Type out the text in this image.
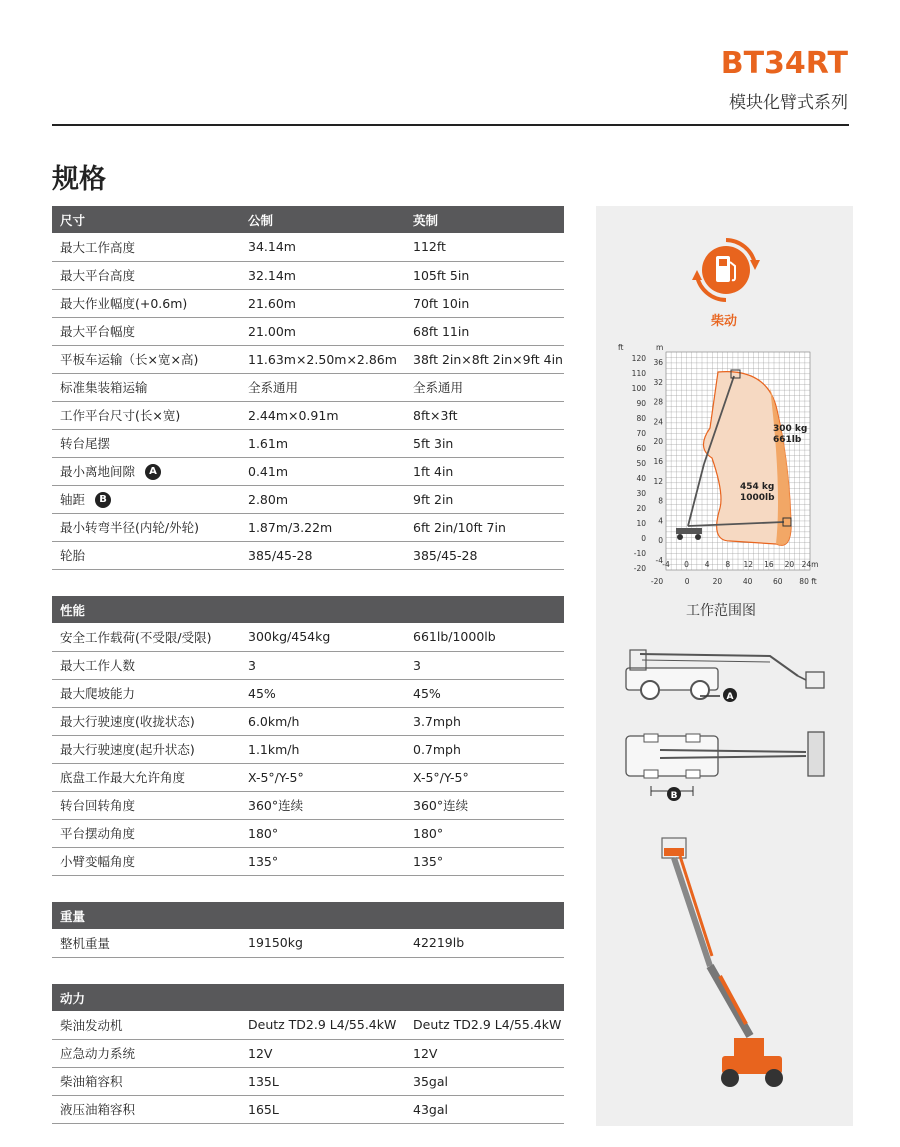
BT34RT
模块化臂式系列
规格
尺寸	公制	英制
最大工作高度	34.14m	112ft
最大平台高度	32.14m	105ft 5in
最大作业幅度(+0.6m)	21.60m	70ft 10in
最大平台幅度	21.00m	68ft 11in
平板车运输（长×宽×高)	11.63m×2.50m×2.86m	38ft 2in×8ft 2in×9ft 4in
标准集装箱运输	全系通用	全系通用
工作平台尺寸(长×宽)	2.44m×0.91m	8ft×3ft
转台尾摆	1.61m	5ft 3in
最小离地间隙 A	0.41m	1ft 4in
轴距 B	2.80m	9ft 2in
最小转弯半径(内轮/外轮)	1.87m/3.22m	6ft 2in/10ft 7in
轮胎	385/45-28	385/45-28

性能		
安全工作载荷(不受限/受限)	300kg/454kg	661lb/1000lb
最大工作人数	3	3
最大爬坡能力	45%	45%
最大行驶速度(收拢状态)	6.0km/h	3.7mph
最大行驶速度(起升状态)	1.1km/h	0.7mph
底盘工作最大允许角度	X-5°/Y-5°	X-5°/Y-5°
转台回转角度	360°连续	360°连续
平台摆动角度	180°	180°
小臂变幅角度	135°	135°

重量		
整机重量	19150kg	42219lb

动力		
柴油发动机	Deutz TD2.9 L4/55.4kW	Deutz TD2.9 L4/55.4kW
应急动力系统	12V	12V
柴油箱容积	135L	35gal
液压油箱容积	165L	43gal
柴动
ft	m
120
110
100
90
80
70
60
50
40
30
20
10
0
-10
-20
36
32
28
24
20
16
12
8
4
0
-4 -4 0 4 8 12 16 20 24m
-20	0	20	40	60 80 ft
300 kg
661lb
454 kg
1000lb
工作范围图
A
B
